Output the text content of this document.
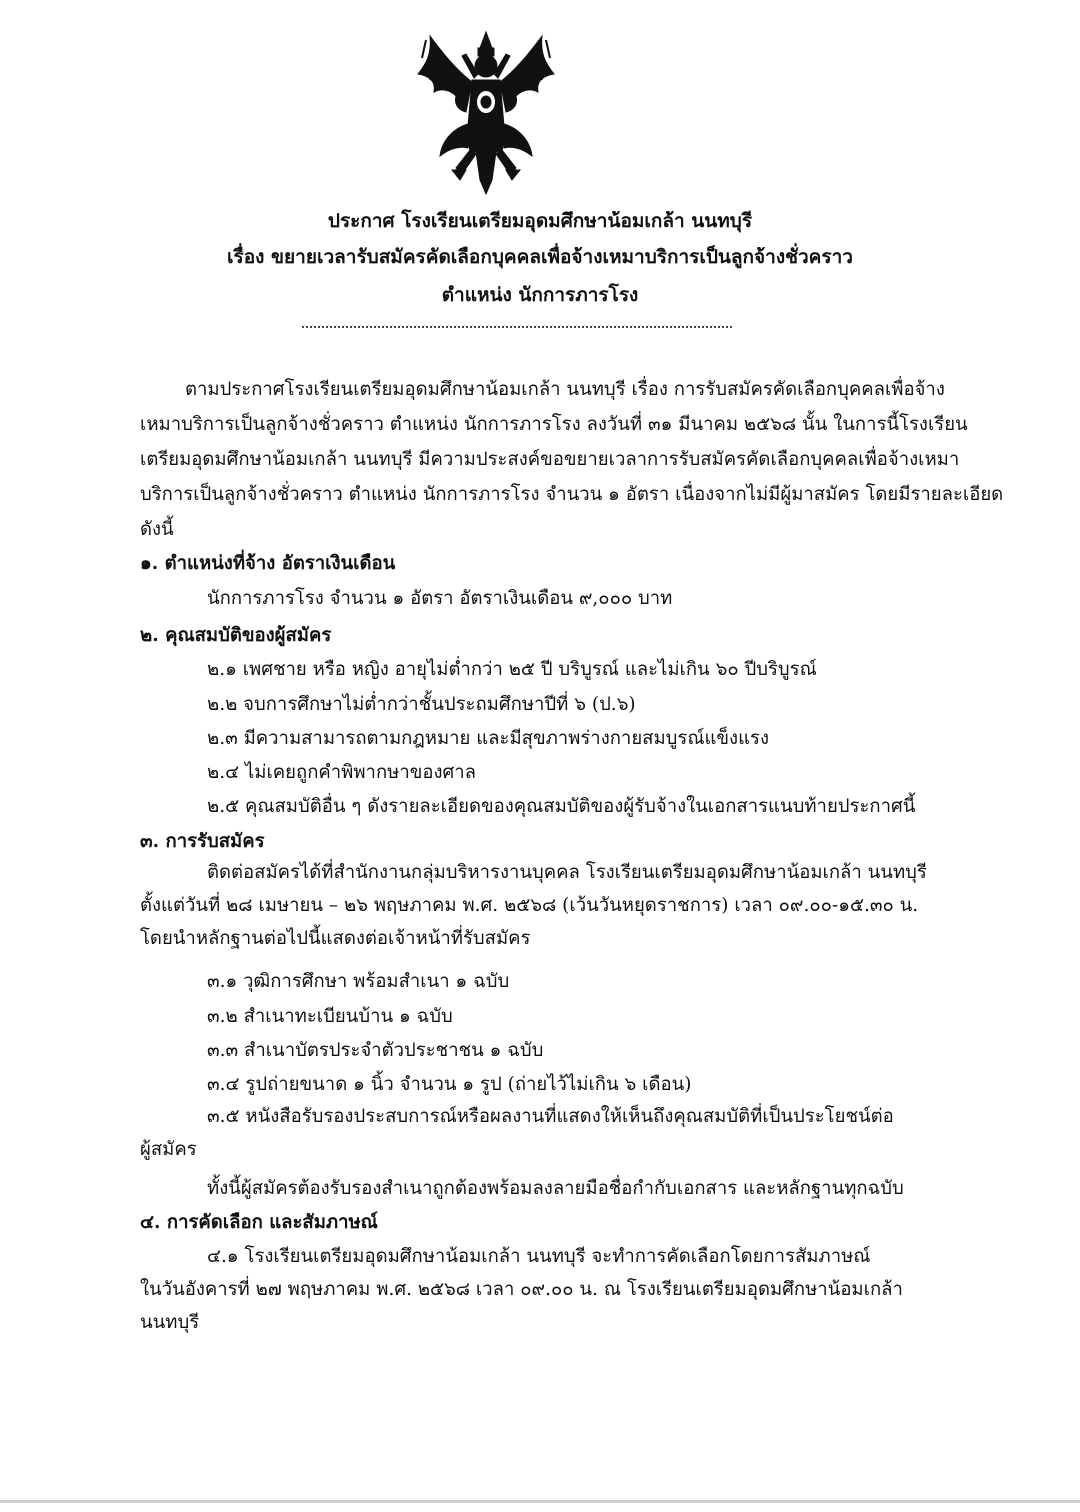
ประกาศ โรงเรียนเตรียมอุดมศึกษาน้อมเกล้า นนทบุรี
เรื่อง ขยายเวลารับสมัครคัดเลือกบุคคลเพื่อจ้างเหมาบริการเป็นลูกจ้างชั่วคราว
ตำแหน่ง นักการภารโรง
ตามประกาศโรงเรียนเตรียมอุดมศึกษาน้อมเกล้า นนทบุรี เรื่อง การรับสมัครคัดเลือกบุคคลเพื่อจ้าง
เหมาบริการเป็นลูกจ้างชั่วคราว ตำแหน่ง นักการภารโรง ลงวันที่ ๓๑ มีนาคม ๒๕๖๘ นั้น ในการนี้โรงเรียน
เตรียมอุดมศึกษาน้อมเกล้า นนทบุรี มีความประสงค์ขอขยายเวลาการรับสมัครคัดเลือกบุคคลเพื่อจ้างเหมา
บริการเป็นลูกจ้างชั่วคราว ตำแหน่ง นักการภารโรง จำนวน ๑ อัตรา เนื่องจากไม่มีผู้มาสมัคร โดยมีรายละเอียด
ดังนี้
๑. ตำแหน่งที่จ้าง อัตราเงินเดือน
นักการภารโรง จำนวน ๑ อัตรา อัตราเงินเดือน ๙,๐๐๐ บาท
๒. คุณสมบัติของผู้สมัคร
๒.๑ เพศชาย หรือ หญิง อายุไม่ต่ำกว่า ๒๕ ปี บริบูรณ์ และไม่เกิน ๖๐ ปีบริบูรณ์
๒.๒ จบการศึกษาไม่ต่ำกว่าชั้นประถมศึกษาปีที่ ๖ (ป.๖)
๒.๓ มีความสามารถตามกฎหมาย และมีสุขภาพร่างกายสมบูรณ์แข็งแรง
๒.๔ ไม่เคยถูกคำพิพากษาของศาล
๒.๕ คุณสมบัติอื่น ๆ ดังรายละเอียดของคุณสมบัติของผู้รับจ้างในเอกสารแนบท้ายประกาศนี้
๓. การรับสมัคร
ติดต่อสมัครได้ที่สำนักงานกลุ่มบริหารงานบุคคล โรงเรียนเตรียมอุดมศึกษาน้อมเกล้า นนทบุรี
ตั้งแต่วันที่ ๒๘ เมษายน – ๒๖ พฤษภาคม พ.ศ. ๒๕๖๘ (เว้นวันหยุดราชการ) เวลา ๐๙.๐๐-๑๕.๓๐ น.
โดยนำหลักฐานต่อไปนี้แสดงต่อเจ้าหน้าที่รับสมัคร
๓.๑ วุฒิการศึกษา พร้อมสำเนา ๑ ฉบับ
๓.๒ สำเนาทะเบียนบ้าน ๑ ฉบับ
๓.๓ สำเนาบัตรประจำตัวประชาชน ๑ ฉบับ
๓.๔ รูปถ่ายขนาด ๑ นิ้ว จำนวน ๑ รูป (ถ่ายไว้ไม่เกิน ๖ เดือน)
๓.๕ หนังสือรับรองประสบการณ์หรือผลงานที่แสดงให้เห็นถึงคุณสมบัติที่เป็นประโยชน์ต่อ
ผู้สมัคร
ทั้งนี้ผู้สมัครต้องรับรองสำเนาถูกต้องพร้อมลงลายมือชื่อกำกับเอกสาร และหลักฐานทุกฉบับ
๔. การคัดเลือก และสัมภาษณ์
๔.๑ โรงเรียนเตรียมอุดมศึกษาน้อมเกล้า นนทบุรี จะทำการคัดเลือกโดยการสัมภาษณ์
ในวันอังคารที่ ๒๗ พฤษภาคม พ.ศ. ๒๕๖๘ เวลา ๐๙.๐๐ น. ณ โรงเรียนเตรียมอุดมศึกษาน้อมเกล้า
นนทบุรี
